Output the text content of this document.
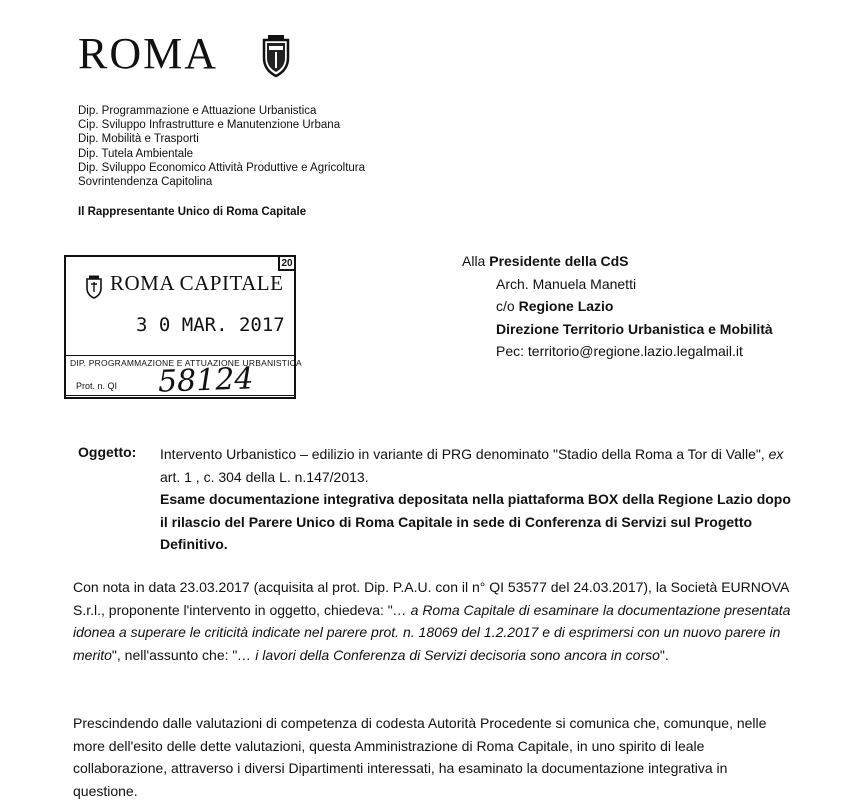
ROMA
Dip. Programmazione e Attuazione Urbanistica
Cip. Sviluppo Infrastrutture e Manutenzione Urbana
Dip. Mobilità e Trasporti
Dip. Tutela Ambientale
Dip. Sviluppo Economico Attività Produttive e Agricoltura
Sovrintendenza Capitolina
Il Rappresentante Unico di Roma Capitale
20
ROMA CAPITALE
3 0 MAR. 2017
DIP. PROGRAMMAZIONE E ATTUAZIONE URBANISTICA
58124
Prot. n. QI
Alla Presidente della CdS
Arch. Manuela Manetti
c/o Regione Lazio
Direzione Territorio Urbanistica e Mobilità
Pec: territorio@regione.lazio.legalmail.it
Oggetto: Intervento Urbanistico – edilizio in variante di PRG denominato "Stadio della Roma a Tor di Valle", ex art. 1 , c. 304 della L. n.147/2013.
Esame documentazione integrativa depositata nella piattaforma BOX della Regione Lazio dopo il rilascio del Parere Unico di Roma Capitale in sede di Conferenza di Servizi sul Progetto Definitivo.
Con nota in data 23.03.2017 (acquisita al prot. Dip. P.A.U. con il n° QI 53577 del 24.03.2017), la Società EURNOVA S.r.l., proponente l'intervento in oggetto, chiedeva: "… a Roma Capitale di esaminare la documentazione presentata idonea a superare le criticità indicate nel parere prot. n. 18069 del 1.2.2017 e di esprimersi con un nuovo parere in merito", nell'assunto che: "… i lavori della Conferenza di Servizi decisoria sono ancora in corso".
Prescindendo dalle valutazioni di competenza di codesta Autorità Procedente si comunica che, comunque, nelle more dell'esito delle dette valutazioni, questa Amministrazione di Roma Capitale, in uno spirito di leale collaborazione, attraverso i diversi Dipartimenti interessati, ha esaminato la documentazione integrativa in questione.
